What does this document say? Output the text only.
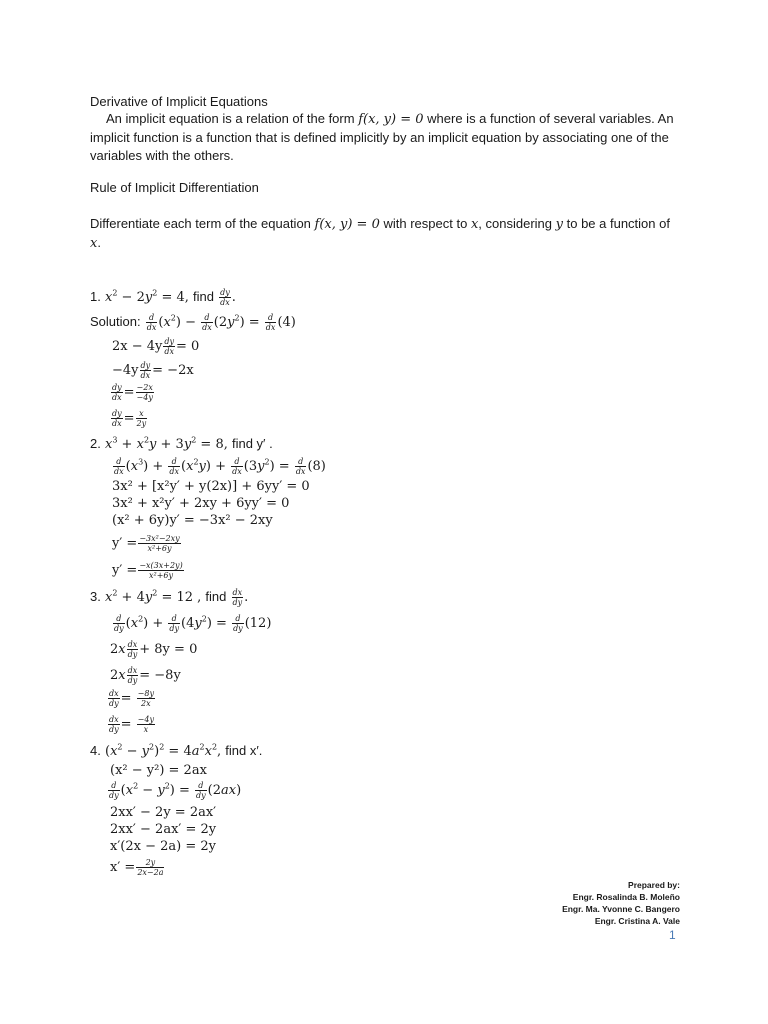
Derivative of Implicit Equations
An implicit equation is a relation of the form f(x, y) = 0 where is a function of several variables. An implicit function is a function that is defined implicitly by an implicit equation by associating one of the variables with the others.
Rule of Implicit Differentiation
Differentiate each term of the equation f(x, y) = 0 with respect to x, considering y to be a function of x.
1. $x^2 - 2y^2 = 4$, find $\frac{dy}{dx}$ .
Solution: $\frac{d}{dx} (x^2) - \frac{d}{dx} (2y^2) = \frac{d}{dx} (4)$
$2x - 4y \frac{dy}{dx} = 0$
$-4y \frac{dy}{dx} = -2x$
$\frac{dy}{dx} = \frac{-2x}{-4y}$
$\frac{dy}{dx} = \frac{x}{2y}$
2. $x^3 + x^2y + 3y^2 = 8$, find y′ .
$\frac{d}{dx} (x^3) + \frac{d}{dx} (x^2y) + \frac{d}{dx} (3y^2) = \frac{d}{dx} (8)$
3x² + [x²y′ + y(2x)] + 6yy′ = 0
3x² + x²y′ + 2xy + 6yy′ = 0
(x² + 6y)y′ = −3x² − 2xy
$y' = \frac{\text{−3x²−2xy}}{\text{x²+6y}}$
$y' = \frac{-x(3x+2y)}{\text{x²+6y}}$
3. $x^2 + 4y^2 = 12$ , find $\frac{dx}{dy}$ .
$\frac{d}{dy} (x^2) + \frac{d}{dy} (4y^2) = \frac{d}{dy} (12)$
$2x \frac{dx}{dy} + 8y = 0$
$2x \frac{dx}{dy} = -8y$
$\frac{dx}{dy} = \frac{-8y}{2x}$
$\frac{dx}{dy} = \frac{-4y}{x}$
4. $(x^2 - y^2)^2 = 4a^2x^2$, find x′.
(x² − y²) = 2ax
$\frac{d}{dy} (x^2 - y^2) = \frac{d}{dy} (2ax)$
2xx′ − 2y = 2ax′
2xx′ − 2ax′ = 2y
x′(2x − 2a) = 2y
$x' = \frac{2y}{2x-2a}$
Prepared by:
Engr. Rosalinda B. Moleño
Engr. Ma. Yvonne C. Bangero
Engr. Cristina A. Vale
1
